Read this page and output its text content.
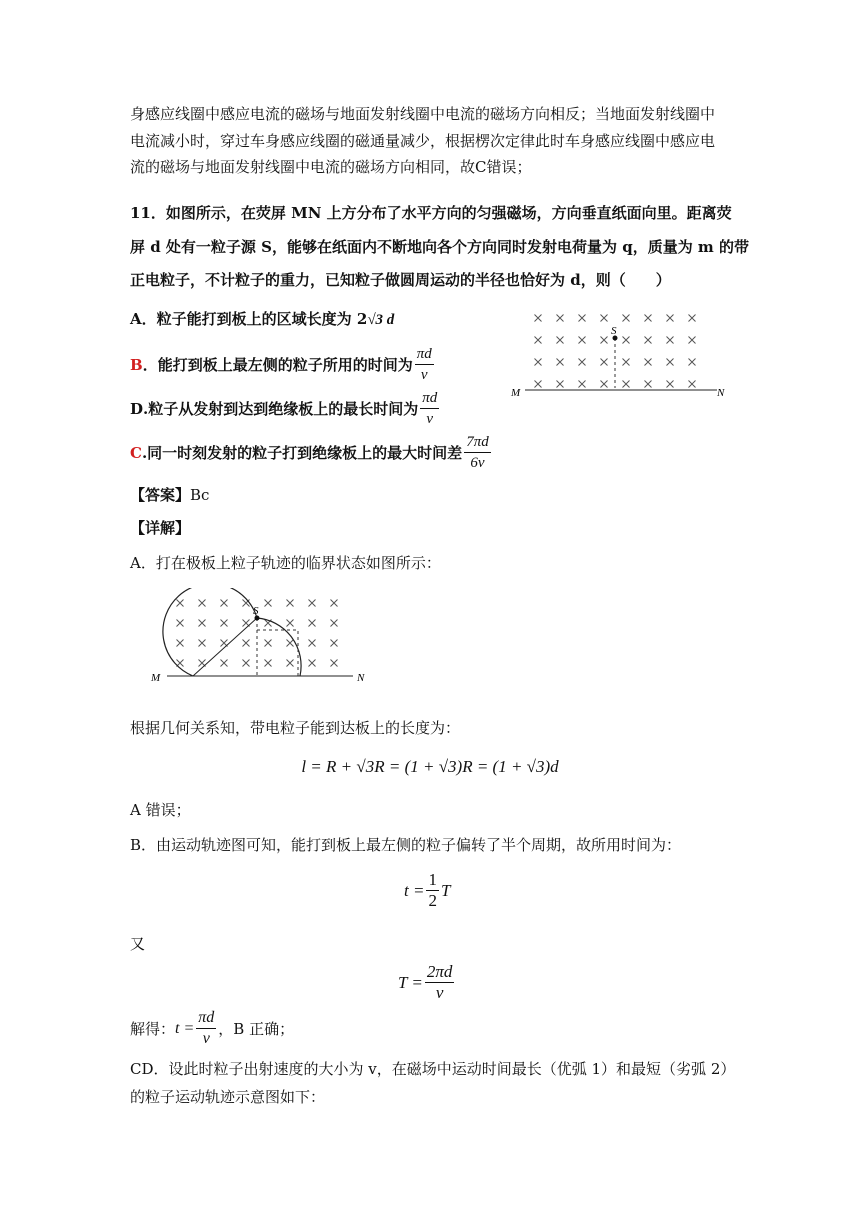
身感应线圈中感应电流的磁场与地面发射线圈中电流的磁场方向相反；当地面发射线圈中
电流减小时，穿过车身感应线圈的磁通量减少，根据楞次定律此时车身感应线圈中感应电
流的磁场与地面发射线圈中电流的磁场方向相同，故C错误；
11．如图所示，在荧屏 MN 上方分布了水平方向的匀强磁场，方向垂直纸面向里。距离荧
屏 d 处有一粒子源 S，能够在纸面内不断地向各个方向同时发射电荷量为 q，质量为 m 的带
正电粒子，不计粒子的重力，已知粒子做圆周运动的半径也恰好为 d，则（　　）
A．粒子能打到板上的区域长度为 2√3 d
B ．能打到板上最左侧的粒子所用的时间为 $\frac{\pi d}{v}$
D .粒子从发射到达到绝缘板上的最长时间为 $\frac{\pi d}{v}$
C .同一时刻发射的粒子打到绝缘板上的最大时间差 $\frac{7\pi d}{6v}$
S
M	N
【答案】Bc
【详解】
A．打在极板上粒子轨迹的临界状态如图所示：
S
M	N
根据几何关系知，带电粒子能到达板上的长度为：
l = R + √3R = (1 + √3)R = (1 + √3)d
A 错误；
B．由运动轨迹图可知，能打到板上最左侧的粒子偏转了半个周期，故所用时间为：
$t = \frac{1}{2}$ T
又
$T = \frac{2\pi d}{v}$
解得： $t = \frac{\pi d}{v}$ ，B 正确；
CD．设此时粒子出射速度的大小为 v，在磁场中运动时间最长（优弧 1）和最短（劣弧 2）
的粒子运动轨迹示意图如下：
